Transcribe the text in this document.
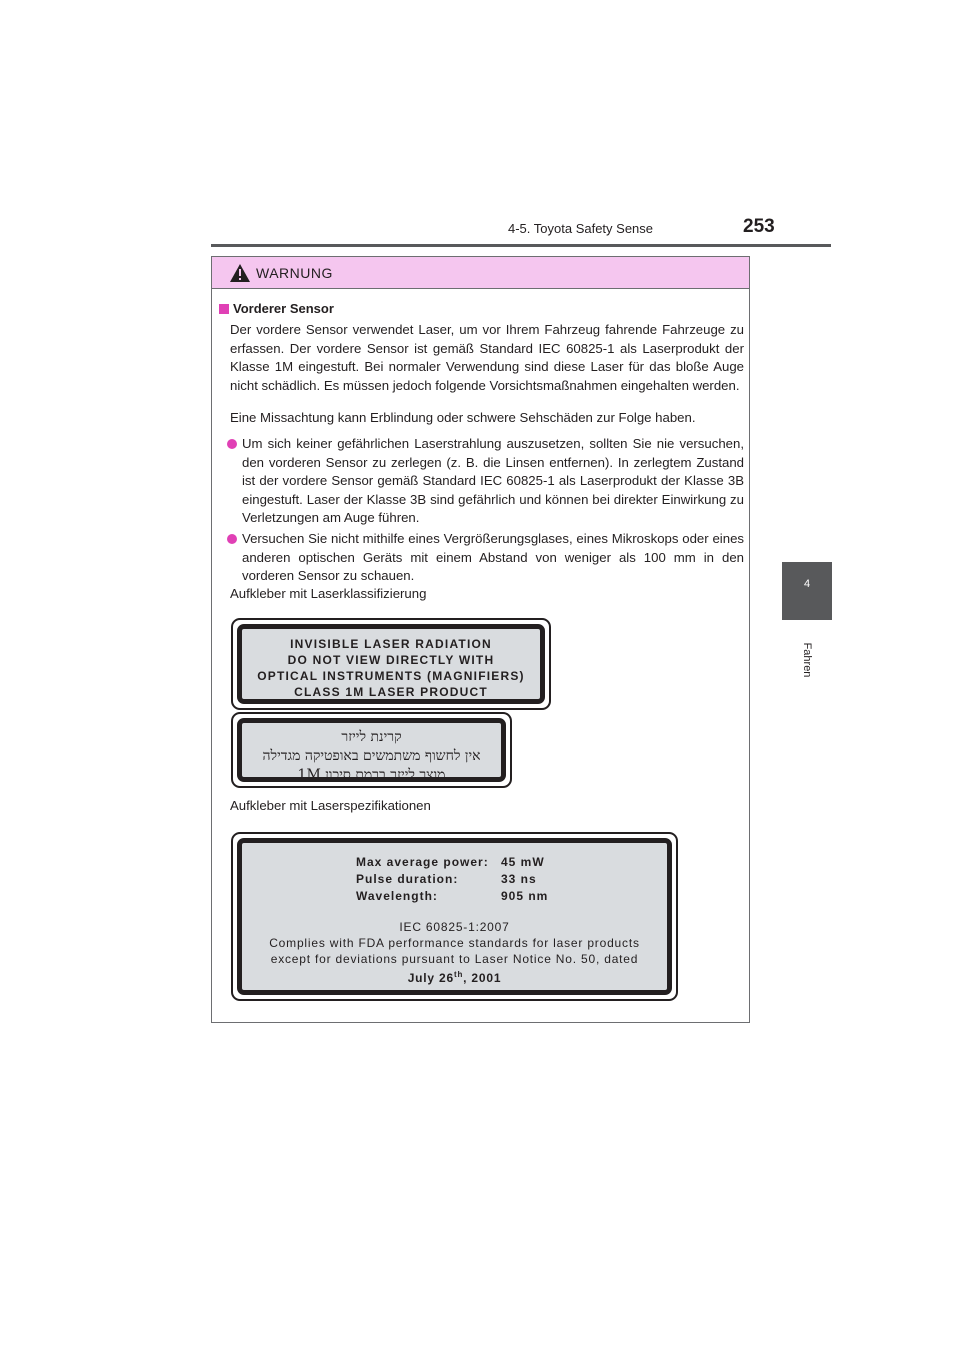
4-5. Toyota Safety Sense	253
4
Fahren
WARNUNG
Vorderer Sensor
Der vordere Sensor verwendet Laser, um vor Ihrem Fahrzeug fahrende Fahrzeuge zu erfassen. Der vordere Sensor ist gemäß Standard IEC 60825-1 als Laserprodukt der Klasse 1M eingestuft. Bei normaler Verwendung sind diese Laser für das bloße Auge nicht schädlich. Es müssen jedoch folgende Vorsichtsmaßnahmen eingehalten werden.
Eine Missachtung kann Erblindung oder schwere Sehschäden zur Folge haben.
Um sich keiner gefährlichen Laserstrahlung auszusetzen, sollten Sie nie versuchen, den vorderen Sensor zu zerlegen (z. B. die Linsen entfernen). In zerlegtem Zustand ist der vordere Sensor gemäß Standard IEC 60825-1 als Laserprodukt der Klasse 3B eingestuft. Laser der Klasse 3B sind gefährlich und können bei direkter Einwirkung zu Verletzungen am Auge führen.
Versuchen Sie nicht mithilfe eines Vergrößerungsglases, eines Mikroskops oder eines anderen optischen Geräts mit einem Abstand von weniger als 100 mm in den vorderen Sensor zu schauen.
Aufkleber mit Laserklassifizierung
Aufkleber mit Laserspezifikationen
INVISIBLE LASER RADIATION
DO NOT VIEW DIRECTLY WITH
OPTICAL INSTRUMENTS (MAGNIFIERS)
CLASS 1M LASER PRODUCT
קרינת לייזר
אין לחשוף משתמשים באופטיקה מגדילה
מוצר לייזר ברמת סיכון 1M
Max average power:	45 mW
Pulse duration:	33 ns
Wavelength:	905 nm
IEC 60825-1:2007
Complies with FDA performance standards for laser products
except for deviations pursuant to Laser Notice No. 50, dated
July 26th, 2001
